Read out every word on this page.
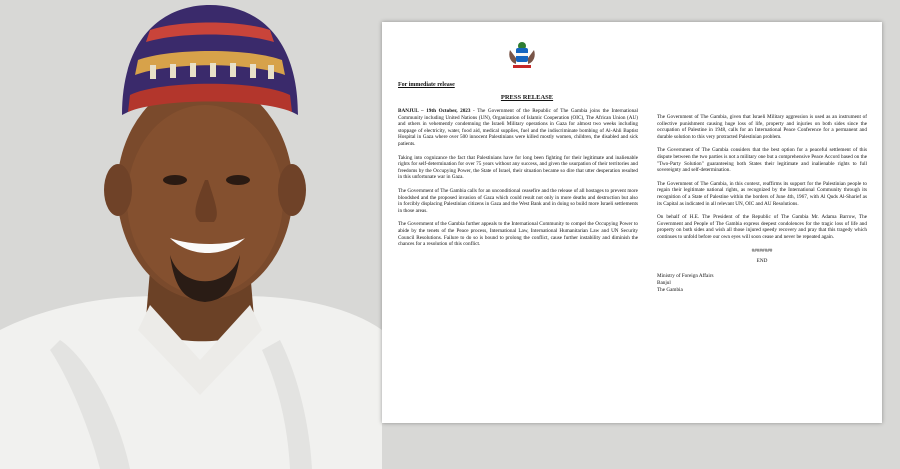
For immediate release
PRESS RELEASE

BANJUL – 19th October, 2023 - The Government of the Republic of The Gambia joins the International Community including United Nations (UN), Organization of Islamic Cooperation (OIC), The African Union (AU) and others in vehemently condemning the Israeli Military operations in Gaza for almost two weeks including stoppage of electricity, water, food aid, medical supplies, fuel and the indiscriminate bombing of Al-Ahli Baptist Hospital in Gaza where over 500 innocent Palestinians were killed mostly women, children, the disabled and sick patients.

Taking into cognizance the fact that Palestinians have for long been fighting for their legitimate and inalienable rights for self-determination for over 75 years without any success, and given the usurpation of their territories and freedoms by the Occupying Power, the State of Israel, their situation became so dire that utter desperation resulted in this unfortunate war in Gaza.

The Government of The Gambia calls for an unconditional ceasefire and the release of all hostages to prevent more bloodshed and the proposed invasion of Gaza which could result not only in more deaths and destruction but also in forcibly displacing Palestinian citizens in Gaza and the West Bank and in doing so build more Israeli settlements in those areas.

The Government of the Gambia further appeals to the International Community to compel the Occupying Power to abide by the tenets of the Peace process, International Law, International Humanitarian Law and UN Security Council Resolutions. Failure to do so is bound to prolong the conflict, cause further instability and diminish the chances for a resolution of this conflict.

The Government of The Gambia, given that Israeli Military aggression is used as an instrument of collective punishment causing huge loss of life, property and injuries on both sides since the occupation of Palestine in 1948, calls for an International Peace Conference for a permanent and durable solution to this very protracted Palestinian problem.

The Government of The Gambia considers that the best option for a peaceful settlement of this dispute between the two parties is not a military one but a comprehensive Peace Accord based on the "Two-Party Solution" guaranteeing both States their legitimate and inalienable rights to full sovereignty and self-determination.

The Government of The Gambia, in this context, reaffirms its support for the Palestinian people to regain their legitimate national rights, as recognized by the International Community through its recognition of a State of Palestine within the borders of June 4th, 1967, with Al Quds Al-Sharief as its Capital as indicated in all relevant UN, OIC and AU Resolutions.

On behalf of H.E. The President of the Republic of The Gambia Mr. Adama Barrow, The Government and People of The Gambia express deepest condolences for the tragic loss of life and property on both sides and wish all those injured speedy recovery and pray that this tragedy which continues to unfold before our own eyes will soon cease and never be repeated again.

########
END
Ministry of Foreign Affairs
Banjul
The Gambia
